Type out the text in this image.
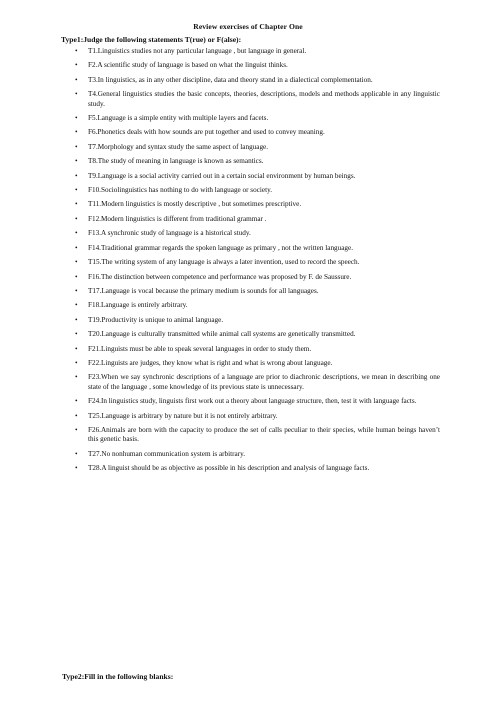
Review exercises of Chapter One
Type1:Judge the following statements T(rue) or F(alse):
• T1.Linguistics studies not any particular language , but language in general.
• F2.A scientific study of language is based on what the linguist thinks.
• T3.In linguistics, as in any other discipline, data and theory stand in a dialectical complementation.
• T4.General linguistics studies the basic concepts, theories, descriptions, models and methods applicable in any linguistic study.
• F5.Language is a simple entity with multiple layers and facets.
• F6.Phonetics deals with how sounds are put together and used to convey meaning.
• T7.Morphology and syntax study the same aspect of language.
• T8.The study of meaning in language is known as semantics.
• T9.Language is a social activity carried out in a certain social environment by human beings.
• F10.Sociolinguistics has nothing to do with language or society.
• T11.Modern linguistics is mostly descriptive , but sometimes prescriptive.
• F12.Modern linguistics is different from traditional grammar .
• F13.A synchronic study of language is a historical study.
• F14.Traditional grammar regards the spoken language as primary , not the written language.
• T15.The writing system of any language is always a later invention, used to record the speech.
• F16.The distinction between competence and performance was proposed by F. de Saussure.
• T17.Language is vocal because the primary medium is sounds for all languages.
• F18.Language is entirely arbitrary.
• T19.Productivity is unique to animal language.
• T20.Language is culturally transmitted while animal call systems are genetically transmitted.
• F21.Linguists must be able to speak several languages in order to study them.
• F22.Linguists are judges, they know what is right and what is wrong about language.
• F23.When we say synchronic descriptions of a language are prior to diachronic descriptions, we mean in describing one state of the language , some knowledge of its previous state is unnecessary.
• F24.In linguistics study, linguists first work out a theory about language structure, then, test it with language facts.
• T25.Language is arbitrary by nature but it is not entirely arbitrary.
• F26.Animals are born with the capacity to produce the set of calls peculiar to their species, while human beings haven’t this genetic basis.
• T27.No nonhuman communication system is arbitrary.
• T28.A linguist should be as objective as possible in his description and analysis of language facts.
Type2:Fill in the following blanks:
